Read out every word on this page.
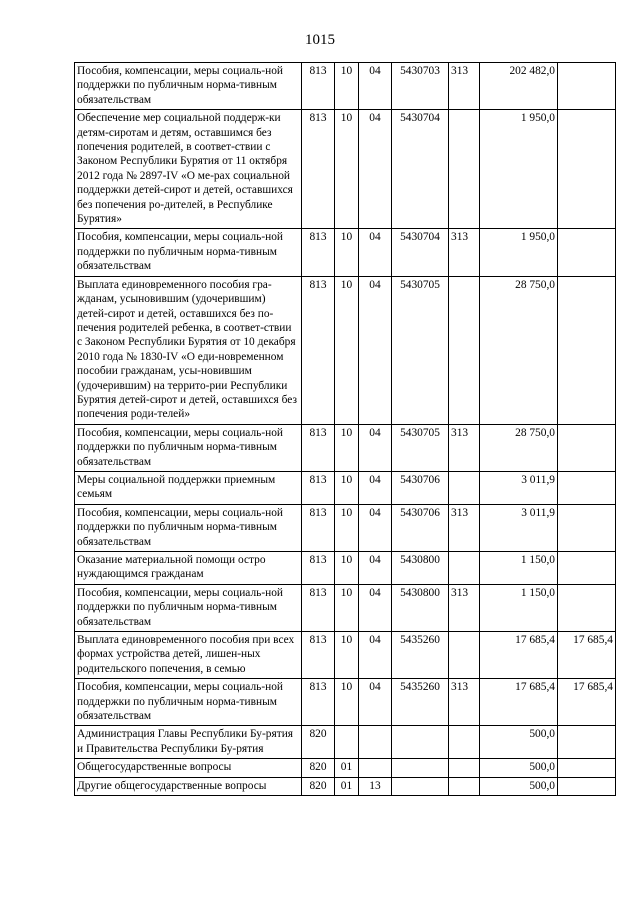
1015
Пособия, компенсации, меры социаль-ной поддержки по публичным норма-тивным обязательствам	813	10	04	5430703	313	202 482,0	
Обеспечение мер социальной поддерж-ки детям-сиротам и детям, оставшимся без попечения родителей, в соответ-ствии с Законом Республики Бурятия от 11 октября 2012 года № 2897-IV «О ме-рах социальной поддержки детей-сирот и детей, оставшихся без попечения ро-дителей, в Республике Бурятия»	813	10	04	5430704		1 950,0	
Пособия, компенсации, меры социаль-ной поддержки по публичным норма-тивным обязательствам	813	10	04	5430704	313	1 950,0	
Выплата единовременного пособия гра-жданам, усыновившим (удочерившим) детей-сирот и детей, оставшихся без по-печения родителей ребенка, в соответ-ствии с Законом Республики Бурятия от 10 декабря 2010 года № 1830-IV «О еди-новременном пособии гражданам, усы-новившим (удочерившим) на террито-рии Республики Бурятия детей-сирот и детей, оставшихся без попечения роди-телей»	813	10	04	5430705		28 750,0	
Пособия, компенсации, меры социаль-ной поддержки по публичным норма-тивным обязательствам	813	10	04	5430705	313	28 750,0	
Меры социальной поддержки приемным семьям	813	10	04	5430706		3 011,9	
Пособия, компенсации, меры социаль-ной поддержки по публичным норма-тивным обязательствам	813	10	04	5430706	313	3 011,9	
Оказание материальной помощи остро нуждающимся гражданам	813	10	04	5430800		1 150,0	
Пособия, компенсации, меры социаль-ной поддержки по публичным норма-тивным обязательствам	813	10	04	5430800	313	1 150,0	
Выплата единовременного пособия при всех формах устройства детей, лишен-ных родительского попечения, в семью	813	10	04	5435260		17 685,4	17 685,4
Пособия, компенсации, меры социаль-ной поддержки по публичным норма-тивным обязательствам	813	10	04	5435260	313	17 685,4	17 685,4
Администрация Главы Республики Бу-рятия и Правительства Республики Бу-рятия	820					500,0	
Общегосударственные вопросы	820	01				500,0	
Другие общегосударственные вопросы	820	01	13			500,0	
